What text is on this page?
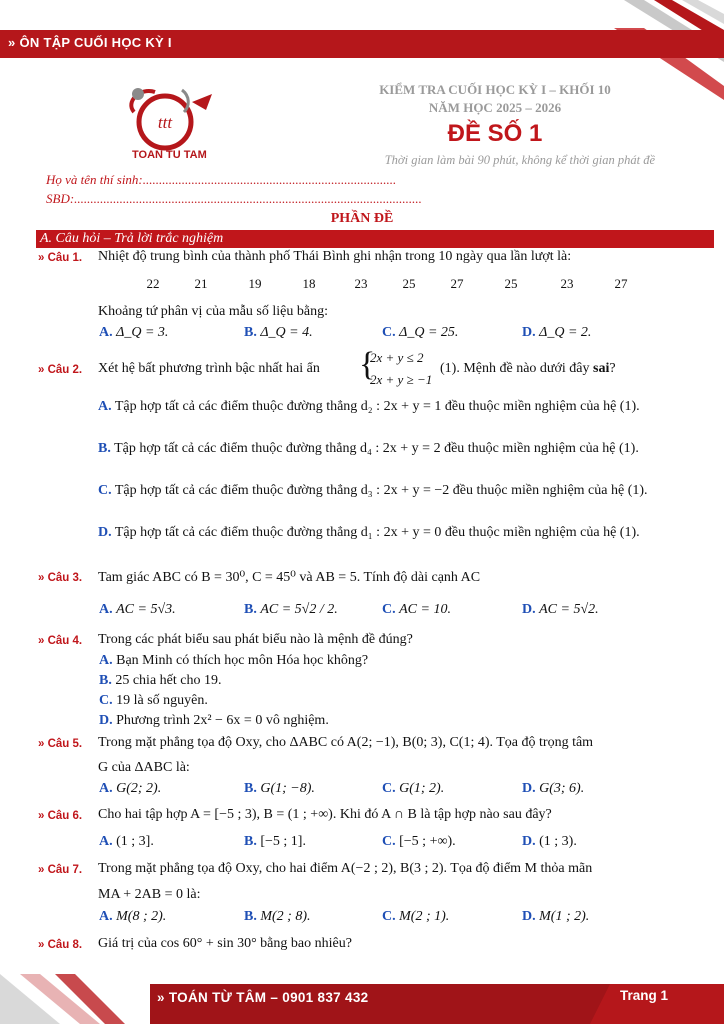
» ÔN TẬP CUỐI HỌC KỲ I
ttt
TOAN TU TAM
KIỂM TRA CUỐI HỌC KỲ I – KHỐI 10
NĂM HỌC 2025 – 2026
ĐỀ SỐ 1
Thời gian làm bài 90 phút, không kể thời gian phát đề
Họ và tên thí sinh:..............................................................................
SBD:...........................................................................................................
PHẦN ĐỀ
A. Câu hỏi – Trả lời trắc nghiệm
» Câu 1. Nhiệt độ trung bình của thành phố Thái Bình ghi nhận trong 10 ngày qua lần lượt là:
22	21	19	18	23	25	27	25	23	27
Khoảng tứ phân vị của mẫu số liệu bằng:
A. Δ_Q = 3.	B. Δ_Q = 4.	C. Δ_Q = 25.	D. Δ_Q = 2.
» Câu 2. Xét hệ bất phương trình bậc nhất hai ẩn {
2x + y ≤ 2
2x + y ≥ −1
(1). Mệnh đề nào dưới đây sai?
A. Tập hợp tất cả các điểm thuộc đường thẳng d₂ : 2x + y = 1 đều thuộc miền nghiệm của hệ (1).
B. Tập hợp tất cả các điểm thuộc đường thẳng d₄ : 2x + y = 2 đều thuộc miền nghiệm của hệ (1).
C. Tập hợp tất cả các điểm thuộc đường thẳng d₃ : 2x + y = −2 đều thuộc miền nghiệm của hệ (1).
D. Tập hợp tất cả các điểm thuộc đường thẳng d₁ : 2x + y = 0 đều thuộc miền nghiệm của hệ (1).
» Câu 3. Tam giác ABC có B = 30⁰, C = 45⁰ và AB = 5. Tính độ dài cạnh AC
A. AC = 5√3.	B. AC = 5√2 / 2.	C. AC = 10.	D. AC = 5√2.
» Câu 4. Trong các phát biểu sau phát biểu nào là mệnh đề đúng?
A. Bạn Minh có thích học môn Hóa học không?
B. 25 chia hết cho 19.
C. 19 là số nguyên.
D. Phương trình 2x² − 6x = 0 vô nghiệm.
» Câu 5. Trong mặt phẳng tọa độ Oxy, cho ΔABC có A(2; −1), B(0; 3), C(1; 4). Tọa độ trọng tâm
G của ΔABC là:
A. G(2; 2).	B. G(1; −8).	C. G(1; 2).	D. G(3; 6).
» Câu 6. Cho hai tập hợp A = [−5 ; 3), B = (1 ; +∞). Khi đó A ∩ B là tập hợp nào sau đây?
A. (1 ; 3].	B. [−5 ; 1].	C. [−5 ; +∞).	D. (1 ; 3).
» Câu 7. Trong mặt phẳng tọa độ Oxy, cho hai điểm A(−2 ; 2), B(3 ; 2). Tọa độ điểm M thỏa mãn
MA + 2AB = 0 là:
A. M(8 ; 2).	B. M(2 ; 8).	C. M(2 ; 1).	D. M(1 ; 2).
» Câu 8. Giá trị của cos 60° + sin 30° bằng bao nhiêu?
» TOÁN TỪ TÂM – 0901 837 432	Trang 1
